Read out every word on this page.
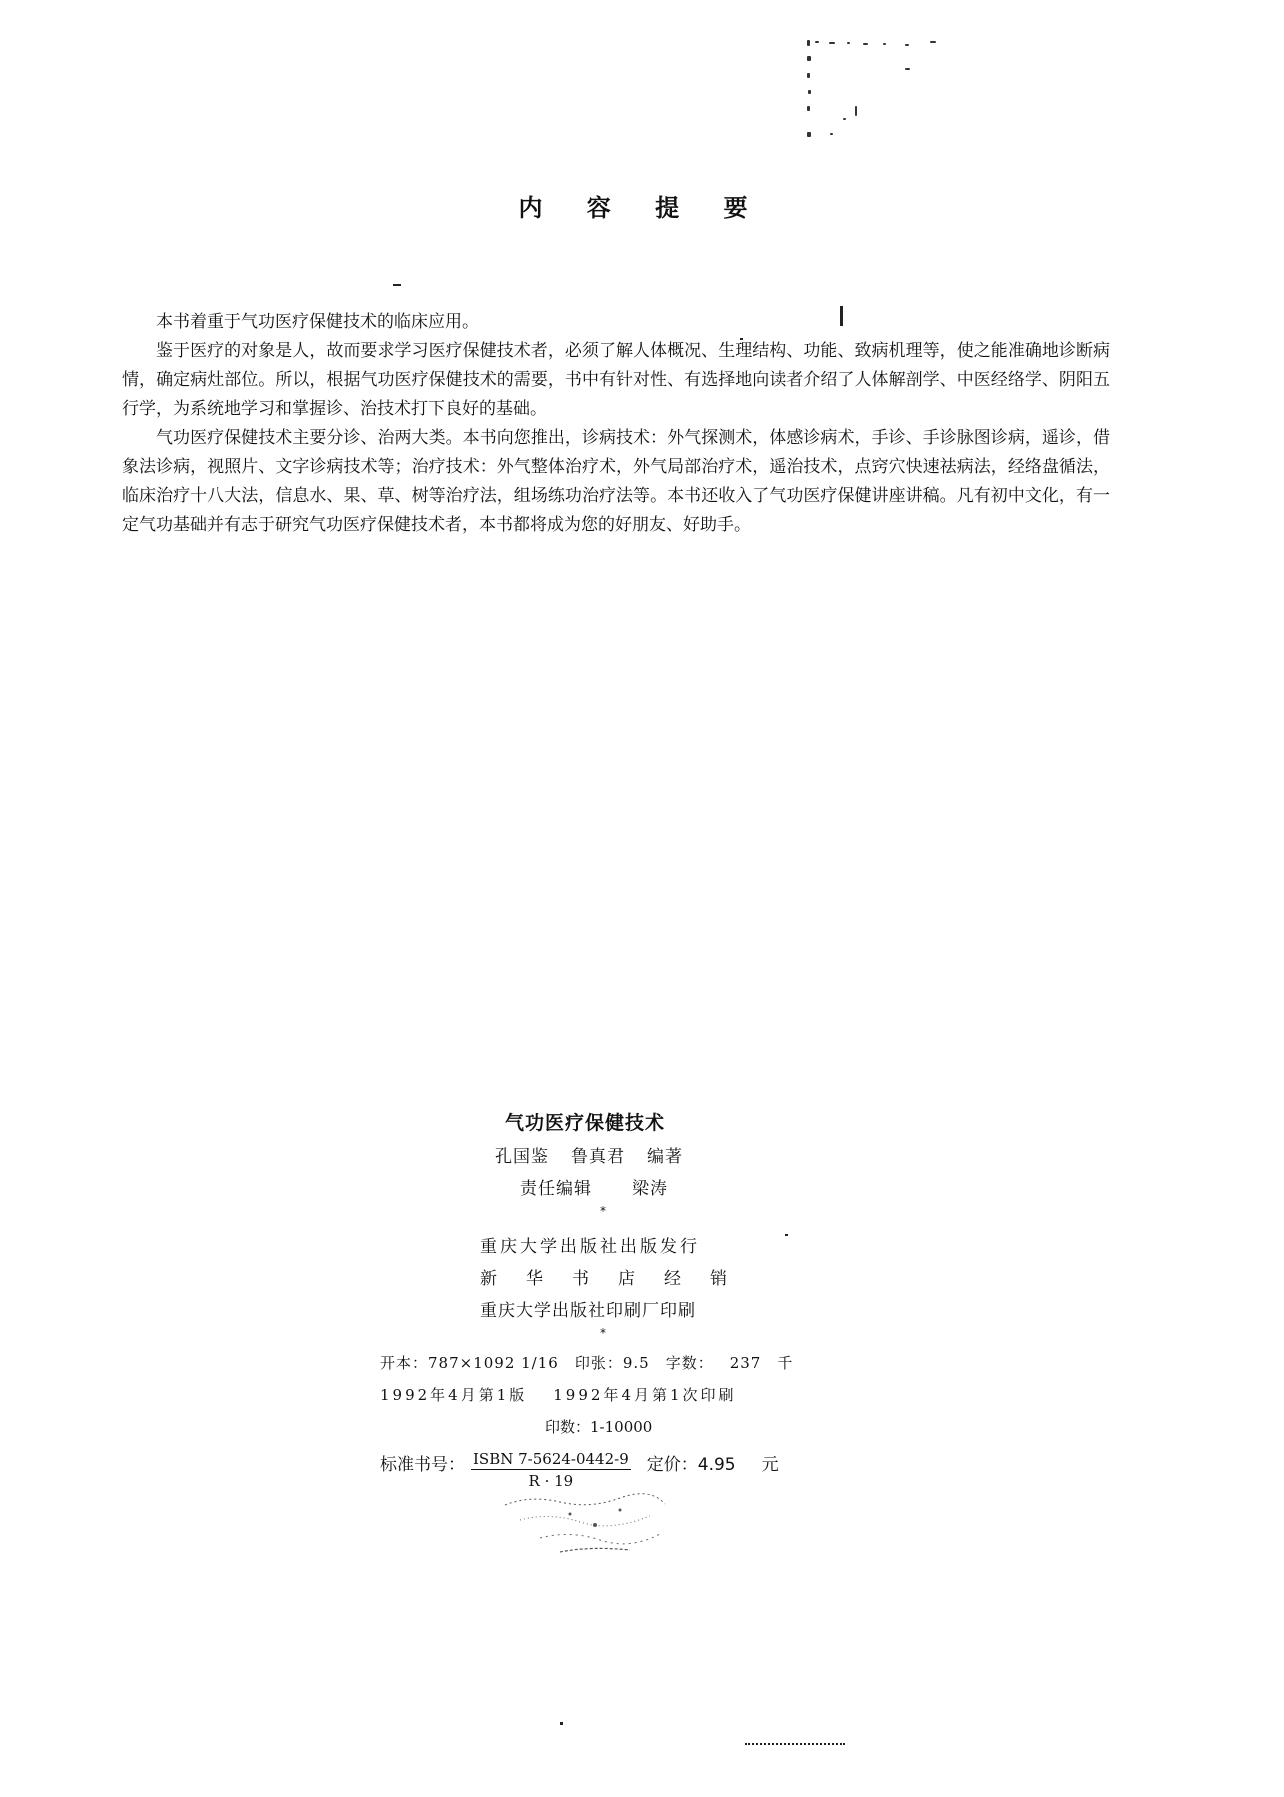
内 容 提 要

本书着重于气功医疗保健技术的临床应用。

鉴于医疗的对象是人，故而要求学习医疗保健技术者，必须了解人体概况、生理结构、功能、致病机理等，使之能准确地诊断病情，确定病灶部位。所以，根据气功医疗保健技术的需要，书中有针对性、有选择地向读者介绍了人体解剖学、中医经络学、阴阳五行学，为系统地学习和掌握诊、治技术打下良好的基础。

气功医疗保健技术主要分诊、治两大类。本书向您推出，诊病技术：外气探测术，体感诊病术，手诊、手诊脉图诊病，遥诊，借象法诊病，视照片、文字诊病技术等；治疗技术：外气整体治疗术，外气局部治疗术，遥治技术，点窍穴快速祛病法，经络盘循法，临床治疗十八大法，信息水、果、草、树等治疗法，组场练功治疗法等。本书还收入了气功医疗保健讲座讲稿。凡有初中文化，有一定气功基础并有志于研究气功医疗保健技术者，本书都将成为您的好朋友、好助手。

气功医疗保健技术
孔国鉴 鲁真君 编著
责任编辑 梁涛
*
重庆大学出版社出版发行
新华书店经销
重庆大学出版社印刷厂印刷
*
开本：787×1092 1/16 印张：9.5 字数： 237 千
1992年4月第1版 1992年4月第1次印刷
印数：1-10000
标准书号： $\frac{\text{ISBN 7-5624-0442-9}}{R \cdot 19}$ 定价：4.95 元
